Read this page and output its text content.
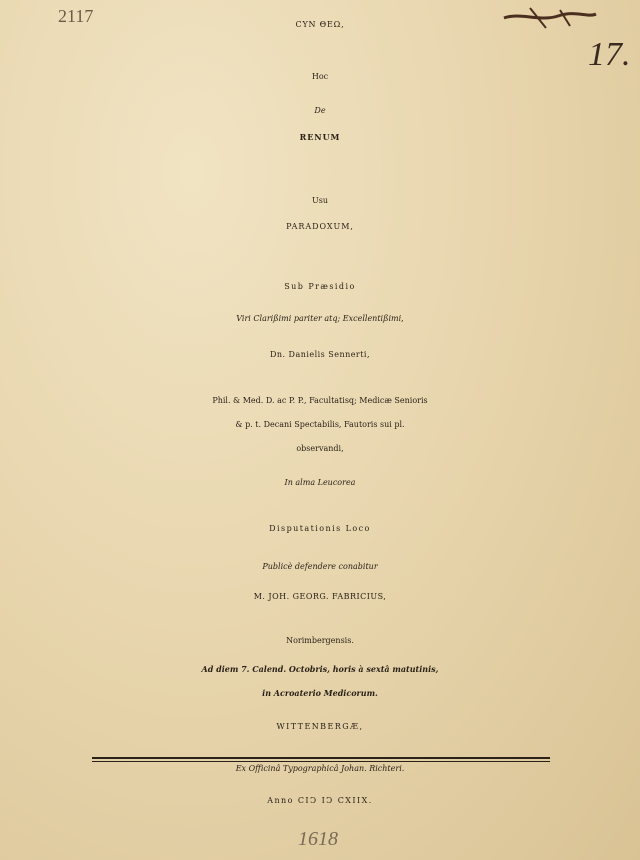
2117
17.
CYN ΘEΩ,
Hoc
De
RENUM
Usu
PARADOXUM,
Sub Præsidio
Viri Clarißimi pariter atq; Excellentißimi,
Dn. Danielis Sennerti,
Phil. & Med. D. ac P. P., Facultatisq; Medicæ Senioris
& p. t. Decani Spectabilis, Fautoris sui pl.
observandi,
In alma Leucorea
Disputationis Loco
Publicè defendere conabitur
M. JOH. GEORG. FABRICIUS,
Norimbergensis.
Ad diem 7. Calend. Octobris, horis à sextâ matutinis,
in Acroaterio Medicorum.
WITTENBERGÆ,
Ex Officinâ Typographicâ Johan. Richteri.
Anno CIↃ IↃ CXIIX.
1618
